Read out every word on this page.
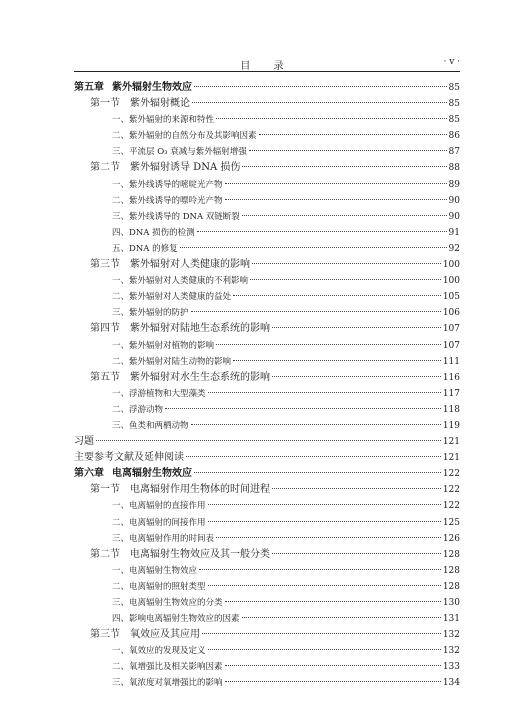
目 录	· v ·
第五章 紫外辐射生物效应	85
第一节 紫外辐射概论	85
一、紫外辐射的来源和特性	85
二、紫外辐射的自然分布及其影响因素	86
三、平流层 O₃ 衰减与紫外辐射增强	87
第二节 紫外辐射诱导 DNA 损伤	88
一、紫外线诱导的嘧啶光产物	89
二、紫外线诱导的嘌呤光产物	90
三、紫外线诱导的 DNA 双链断裂	90
四、DNA 损伤的检测	91
五、DNA 的修复	92
第三节 紫外辐射对人类健康的影响	100
一、紫外辐射对人类健康的不利影响	100
二、紫外辐射对人类健康的益处	105
三、紫外辐射的防护	106
第四节 紫外辐射对陆地生态系统的影响	107
一、紫外辐射对植物的影响	107
二、紫外辐射对陆生动物的影响	111
第五节 紫外辐射对水生生态系统的影响	116
一、浮游植物和大型藻类	117
二、浮游动物	118
三、鱼类和两栖动物	119
习题	121
主要参考文献及延伸阅读	121
第六章 电离辐射生物效应	122
第一节 电离辐射作用生物体的时间进程	122
一、电离辐射的直接作用	122
二、电离辐射的间接作用	125
三、电离辐射作用的时间表	126
第二节 电离辐射生物效应及其一般分类	128
一、电离辐射生物效应	128
二、电离辐射的照射类型	128
三、电离辐射生物效应的分类	130
四、影响电离辐射生物效应的因素	131
第三节 氧效应及其应用	132
一、氧效应的发现及定义	132
二、氧增强比及相关影响因素	133
三、氧浓度对氧增强比的影响	134
